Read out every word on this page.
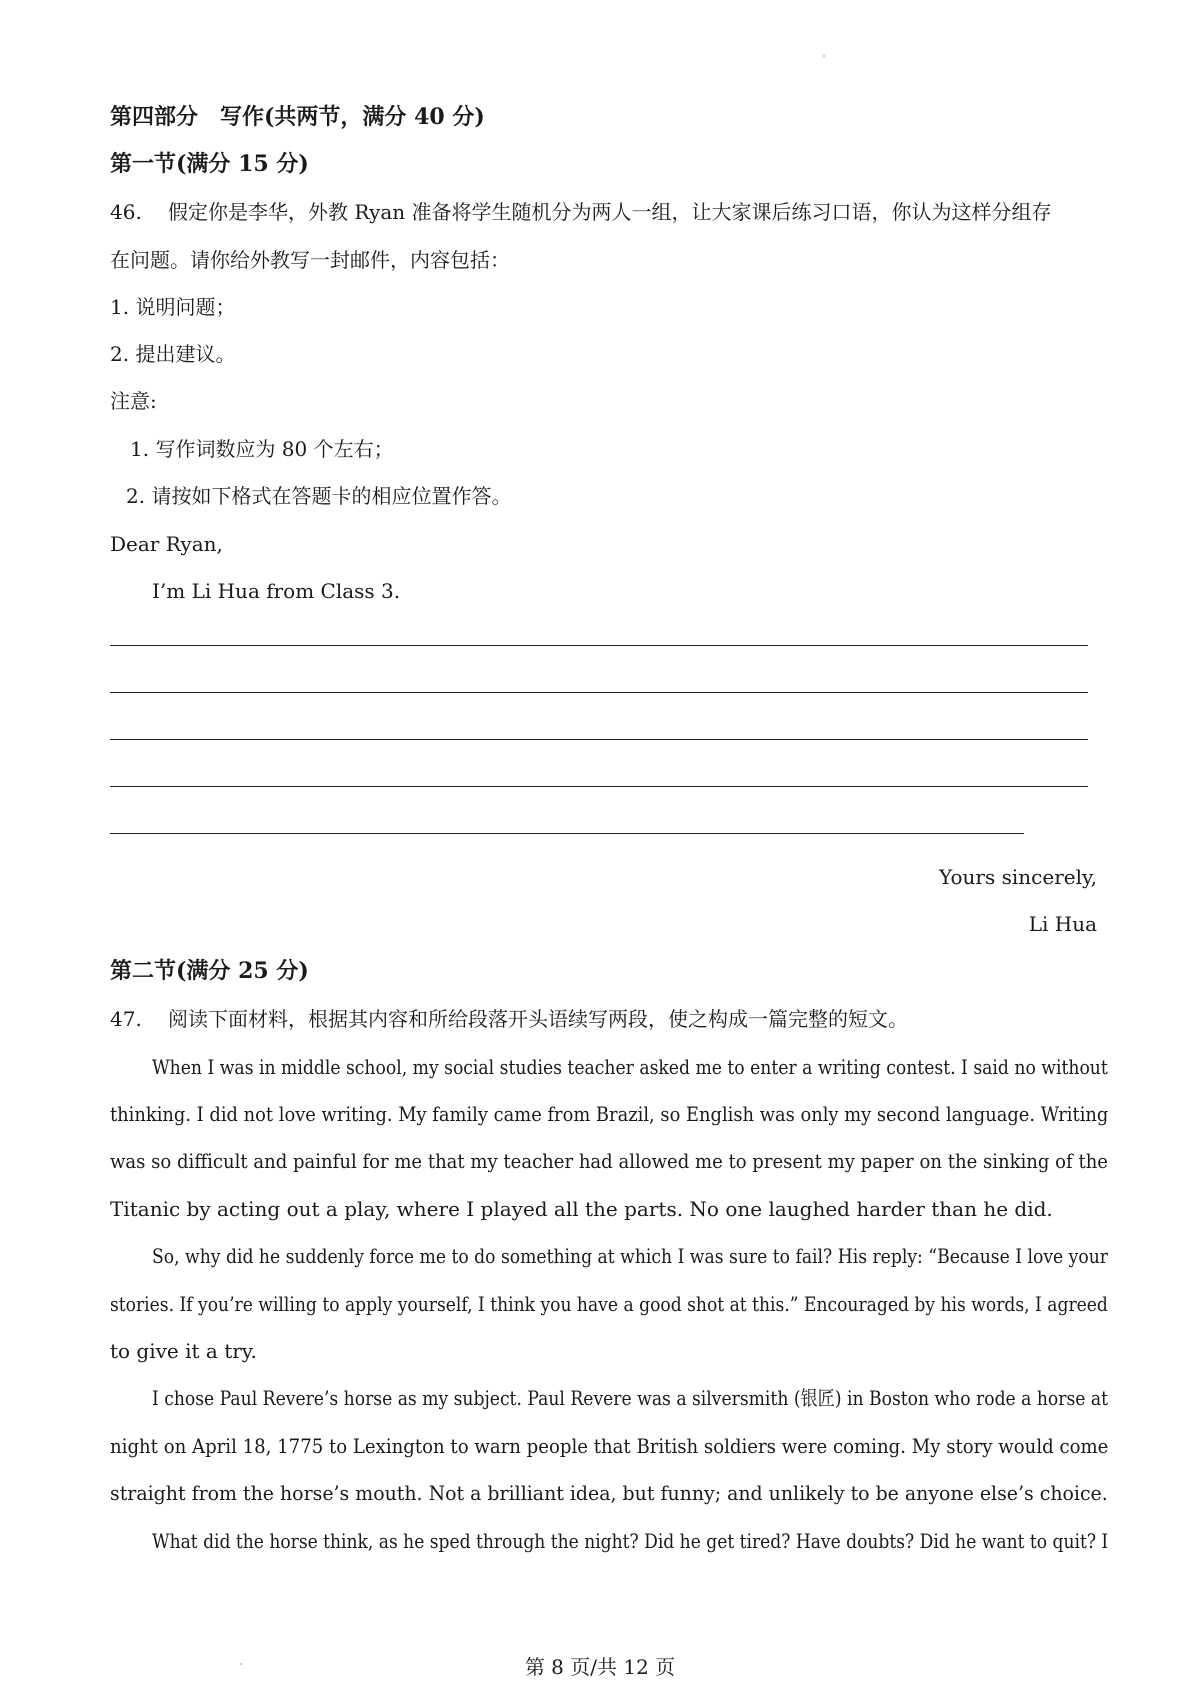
第四部分　写作(共两节，满分 40 分)
第一节(满分 15 分)
46. 假定你是李华，外教 Ryan 准备将学生随机分为两人一组，让大家课后练习口语，你认为这样分组存
在问题。请你给外教写一封邮件，内容包括：
1. 说明问题；
2. 提出建议。
注意:
1. 写作词数应为 80 个左右；
2. 请按如下格式在答题卡的相应位置作答。
Dear Ryan,
I’m Li Hua from Class 3.
Yours sincerely,
Li Hua
第二节(满分 25 分)
47. 阅读下面材料，根据其内容和所给段落开头语续写两段，使之构成一篇完整的短文。
When I was in middle school, my social studies teacher asked me to enter a writing contest. I said no without
thinking. I did not love writing. My family came from Brazil, so English was only my second language. Writing
was so difficult and painful for me that my teacher had allowed me to present my paper on the sinking of the
Titanic by acting out a play, where I played all the parts. No one laughed harder than he did.
So, why did he suddenly force me to do something at which I was sure to fail? His reply: “Because I love your
stories. If you’re willing to apply yourself, I think you have a good shot at this.” Encouraged by his words, I agreed
to give it a try.
I chose Paul Revere’s horse as my subject. Paul Revere was a silversmith (银匠) in Boston who rode a horse at
night on April 18, 1775 to Lexington to warn people that British soldiers were coming. My story would come
straight from the horse’s mouth. Not a brilliant idea, but funny; and unlikely to be anyone else’s choice.
What did the horse think, as he sped through the night? Did he get tired? Have doubts? Did he want to quit? I
第 8 页/共 12 页
